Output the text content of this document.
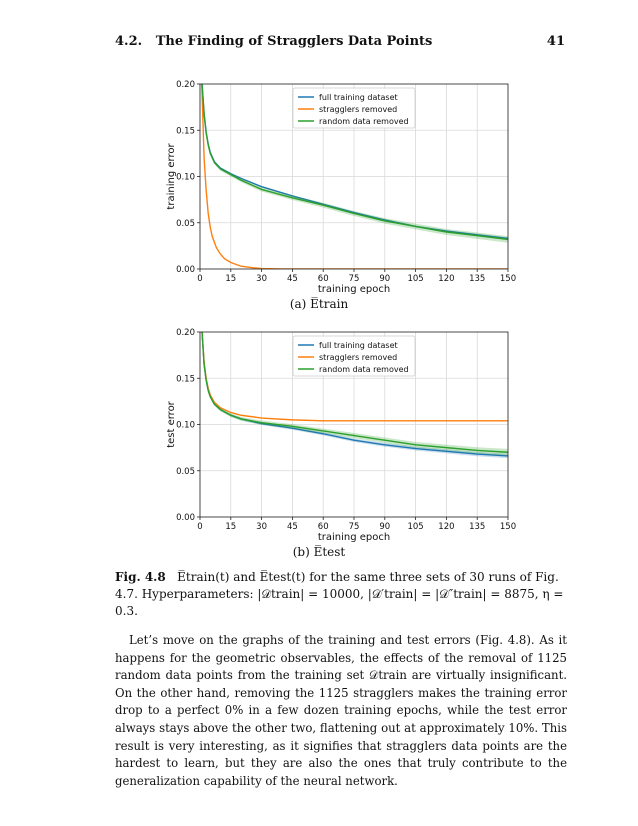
4.2. The Finding of Stragglers Data Points	41
0	15 30 45 60 75 90 105 120 135 150
0.00
0.05
0.10
0.15
0.20
training epoch
training error
full training dataset
stragglers removed
random data removed
(a) E̅train
0	15 30 45 60 75 90 105 120 135 150
0.00
0.05
0.10
0.15
0.20
training epoch
test error
full training dataset
stragglers removed
random data removed
(b) E̅test
Fig. 4.8 E̅train(t) and E̅test(t) for the same three sets of 30 runs of Fig. 4.7. Hyperparameters: |𝒟train| = 10000, |𝒟′train| = |𝒟″train| = 8875, η = 0.3.
Let’s move on the graphs of the training and test errors (Fig. 4.8). As it happens for the geometric observables, the effects of the removal of 1125 random data points from the training set 𝒟train are virtually insignificant. On the other hand, removing the 1125 stragglers makes the training error drop to a perfect 0% in a few dozen training epochs, while the test error always stays above the other two, flattening out at approximately 10%. This result is very interesting, as it signifies that stragglers data points are the hardest to learn, but they are also the ones that truly contribute to the generalization capability of the neural network.
